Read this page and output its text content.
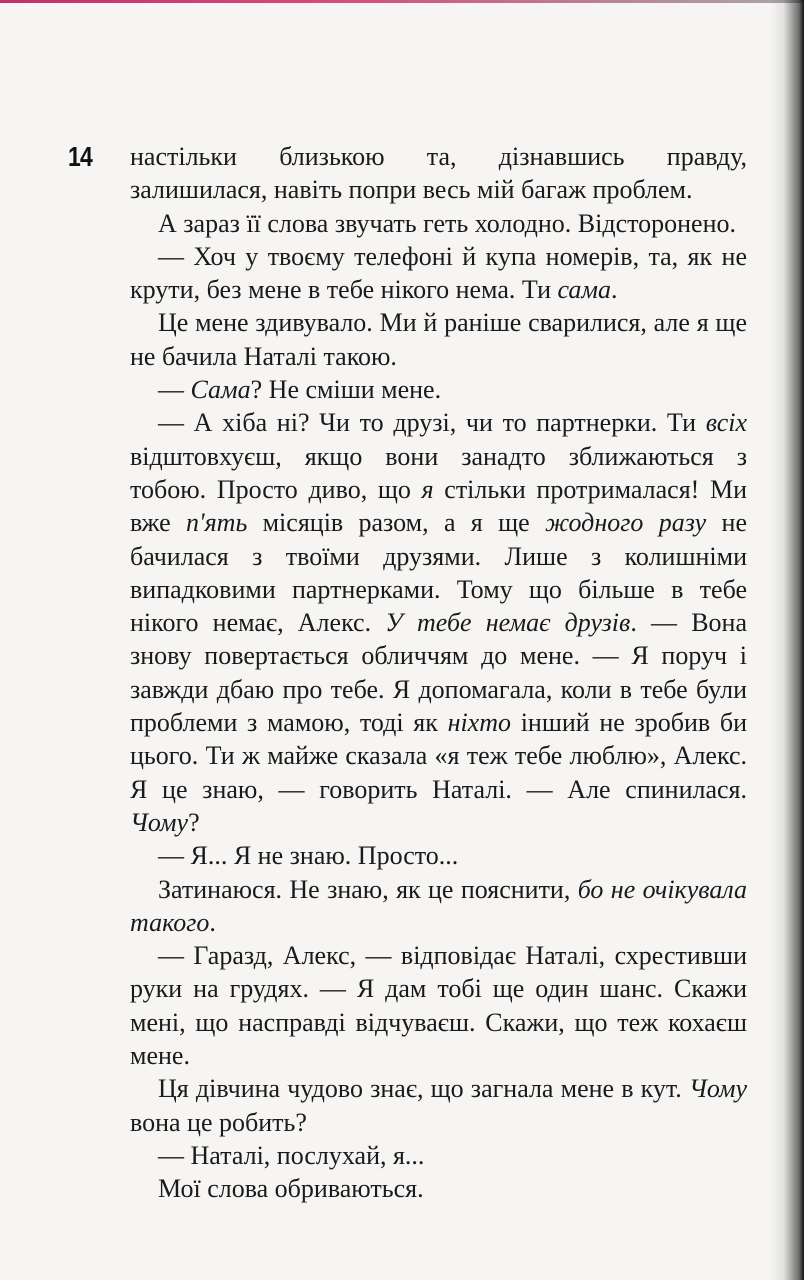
14 настільки близькою та, дізнавшись правду, залишилася, навіть попри весь мій багаж проблем.

А зараз її слова звучать геть холодно. Відсторонено.

— Хоч у твоєму телефоні й купа номерів, та, як не крути, без мене в тебе нікого нема. Ти сама.

Це мене здивувало. Ми й раніше сварилися, але я ще не бачила Наталі такою.

— Сама? Не смiши мене.

— А хіба ні? Чи то друзі, чи то партнерки. Ти всіх відштовхуєш, якщо вони занадто зближаються з тобою. Просто диво, що я стільки протрималася! Ми вже п'ять місяців разом, а я ще жодного разу не бачилася з твоїми друзями. Лише з колишніми випадковими партнерками. Тому що більше в тебе нікого немає, Алекс. У тебе немає друзів. — Вона знову повертається обличчям до мене. — Я поруч і завжди дбаю про тебе. Я допомагала, коли в тебе були проблеми з мамою, тоді як ніхто інший не зробив би цього. Ти ж майже сказала «я теж тебе люблю», Алекс. Я це знаю, — говорить Наталі. — Але спинилася. Чому?

— Я... Я не знаю. Просто...

Затинаюся. Не знаю, як це пояснити, бо не очікувала такого.

— Гаразд, Алекс, — відповідає Наталі, схрестивши руки на грудях. — Я дам тобі ще один шанс. Скажи мені, що насправді відчуваєш. Скажи, що теж кохаєш мене.

Ця дівчина чудово знає, що загнала мене в кут. Чому вона це робить?

— Наталі, послухай, я...

Мої слова обриваються.
